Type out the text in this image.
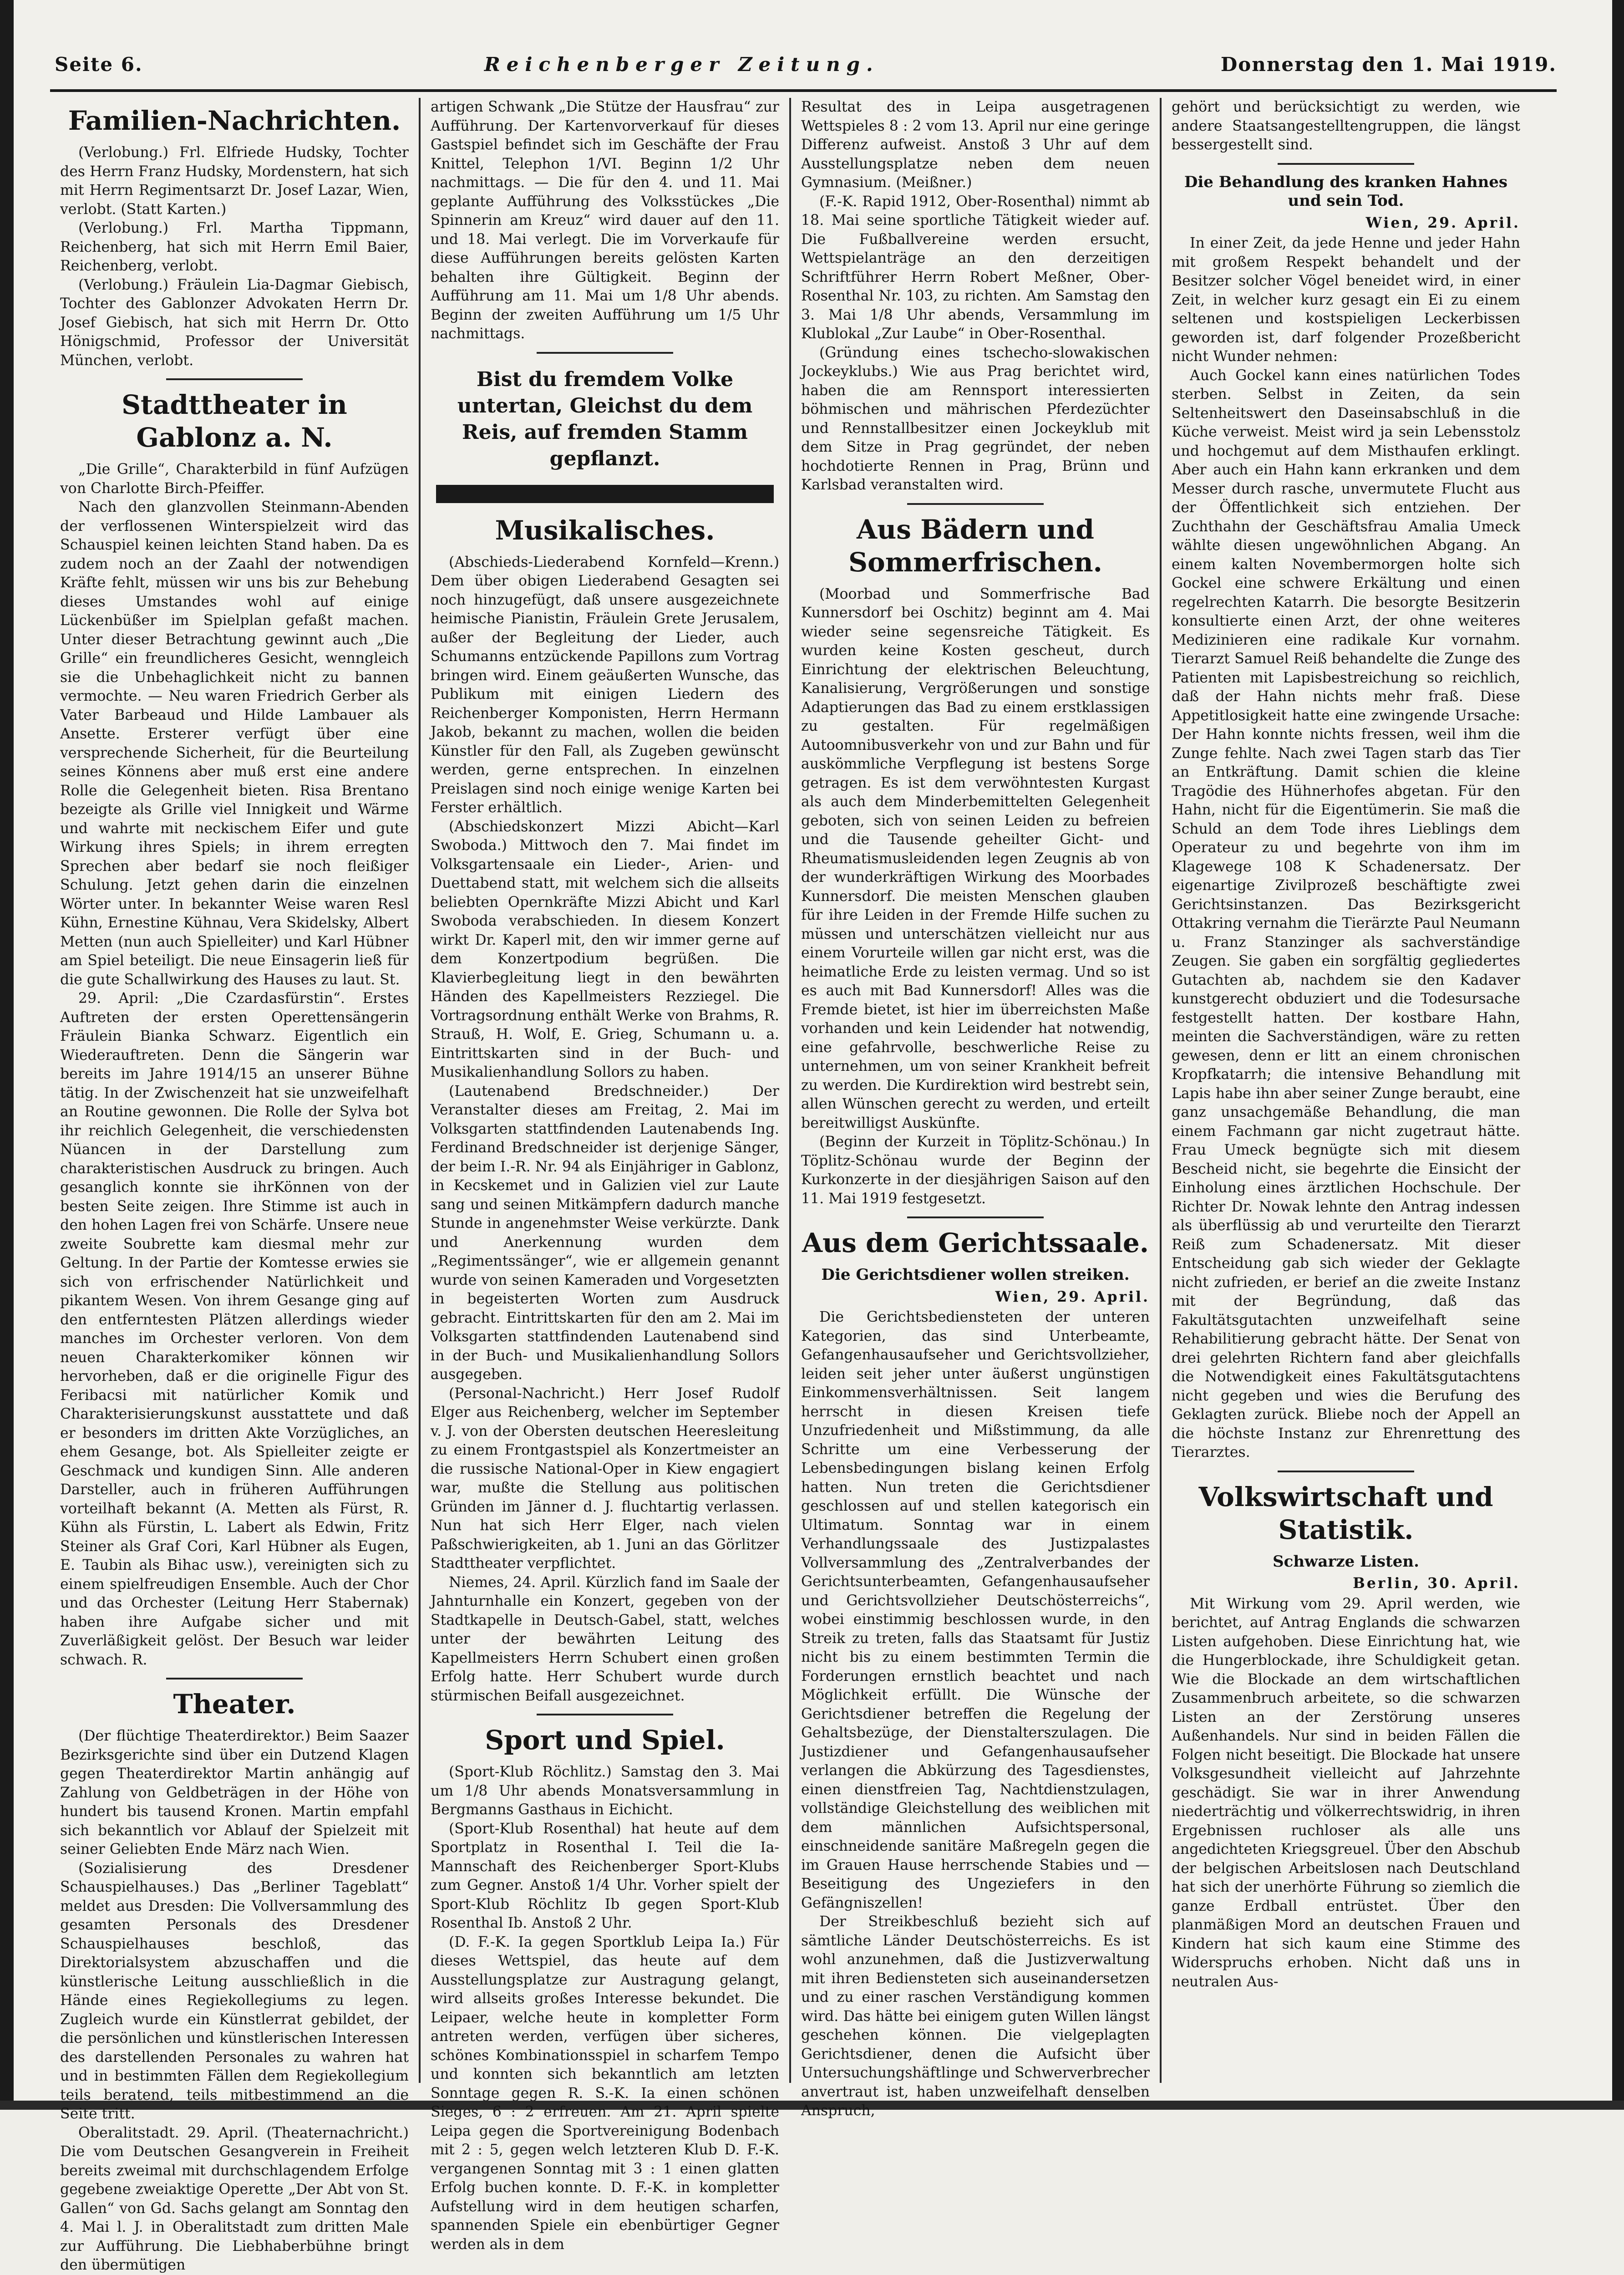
Seite 6.	Reichenberger Zeitung.	Donnerstag den 1. Mai 1919.
Familien-Nachrichten.

(Verlobung.) Frl. Elfriede Hudsky, Tochter des Herrn Franz Hudsky, Mordenstern, hat sich mit Herrn Regimentsarzt Dr. Josef Lazar, Wien, verlobt. (Statt Karten.)

(Verlobung.) Frl. Martha Tippmann, Reichenberg, hat sich mit Herrn Emil Baier, Reichenberg, verlobt.

(Verlobung.) Fräulein Lia-Dagmar Giebisch, Tochter des Gablonzer Advokaten Herrn Dr. Josef Giebisch, hat sich mit Herrn Dr. Otto Hönigschmid, Professor der Universität München, verlobt.

Stadttheater in Gablonz a. N.

„Die Grille“, Charakterbild in fünf Aufzügen von Charlotte Birch-Pfeiffer.

Nach den glanzvollen Steinmann-Abenden der verflossenen Winterspielzeit wird das Schauspiel keinen leichten Stand haben. Da es zudem noch an der Zaahl der notwendigen Kräfte fehlt, müssen wir uns bis zur Behebung dieses Umstandes wohl auf einige Lückenbüßer im Spielplan gefaßt machen. Unter dieser Betrachtung gewinnt auch „Die Grille“ ein freundlicheres Gesicht, wenngleich sie die Unbehaglichkeit nicht zu bannen vermochte. — Neu waren Friedrich Gerber als Vater Barbeaud und Hilde Lambauer als Ansette. Ersterer verfügt über eine versprechende Sicherheit, für die Beurteilung seines Könnens aber muß erst eine andere Rolle die Gelegenheit bieten. Risa Brentano bezeigte als Grille viel Innigkeit und Wärme und wahrte mit neckischem Eifer und gute Wirkung ihres Spiels; in ihrem erregten Sprechen aber bedarf sie noch fleißiger Schulung. Jetzt gehen darin die einzelnen Wörter unter. In bekannter Weise waren Resl Kühn, Ernestine Kühnau, Vera Skidelsky, Albert Metten (nun auch Spielleiter) und Karl Hübner am Spiel beteiligt. Die neue Einsagerin ließ für die gute Schallwirkung des Hauses zu laut. St.

29. April: „Die Czardasfürstin“. Erstes Auftreten der ersten Operettensängerin Fräulein Bianka Schwarz. Eigentlich ein Wiederauftreten. Denn die Sängerin war bereits im Jahre 1914/15 an unserer Bühne tätig. In der Zwischenzeit hat sie unzweifelhaft an Routine gewonnen. Die Rolle der Sylva bot ihr reichlich Gelegenheit, die verschiedensten Nüancen in der Darstellung zum charakteristischen Ausdruck zu bringen. Auch gesanglich konnte sie ihrKönnen von der besten Seite zeigen. Ihre Stimme ist auch in den hohen Lagen frei von Schärfe. Unsere neue zweite Soubrette kam diesmal mehr zur Geltung. In der Partie der Komtesse erwies sie sich von erfrischender Natürlichkeit und pikantem Wesen. Von ihrem Gesange ging auf den entferntesten Plätzen allerdings wieder manches im Orchester verloren. Von dem neuen Charakterkomiker können wir hervorheben, daß er die originelle Figur des Feribacsi mit natürlicher Komik und Charakterisierungskunst ausstattete und daß er besonders im dritten Akte Vorzügliches, an ehem Gesange, bot. Als Spielleiter zeigte er Geschmack und kundigen Sinn. Alle anderen Darsteller, auch in früheren Aufführungen vorteilhaft bekannt (A. Metten als Fürst, R. Kühn als Fürstin, L. Labert als Edwin, Fritz Steiner als Graf Cori, Karl Hübner als Eugen, E. Taubin als Bihac usw.), vereinigten sich zu einem spielfreudigen Ensemble. Auch der Chor und das Orchester (Leitung Herr Stabernak) haben ihre Aufgabe sicher und mit Zuverläßigkeit gelöst. Der Besuch war leider schwach. R.

Theater.

(Der flüchtige Theaterdirektor.) Beim Saazer Bezirksgerichte sind über ein Dutzend Klagen gegen Theaterdirektor Martin anhängig auf Zahlung von Geldbeträgen in der Höhe von hundert bis tausend Kronen. Martin empfahl sich bekanntlich vor Ablauf der Spielzeit mit seiner Geliebten Ende März nach Wien.

(Sozialisierung des Dresdener Schauspielhauses.) Das „Berliner Tageblatt“ meldet aus Dresden: Die Vollversammlung des gesamten Personals des Dresdener Schauspielhauses beschloß, das Direktorialsystem abzuschaffen und die künstlerische Leitung ausschließlich in die Hände eines Regiekollegiums zu legen. Zugleich wurde ein Künstlerrat gebildet, der die persönlichen und künstlerischen Interessen des darstellenden Personales zu wahren hat und in bestimmten Fällen dem Regiekollegium teils beratend, teils mitbestimmend an die Seite tritt.

Oberalitstadt. 29. April. (Theaternachricht.) Die vom Deutschen Gesangverein in Freiheit bereits zweimal mit durchschlagendem Erfolge gegebene zweiaktige Operette „Der Abt von St. Gallen“ von Gd. Sachs gelangt am Sonntag den 4. Mai l. J. in Oberalitstadt zum dritten Male zur Aufführung. Die Liebhaberbühne bringt den übermütigen

artigen Schwank „Die Stütze der Hausfrau“ zur Aufführung. Der Kartenvorverkauf für dieses Gastspiel befindet sich im Geschäfte der Frau Knittel, Telephon 1/VI. Beginn 1/2 Uhr nachmittags. — Die für den 4. und 11. Mai geplante Aufführung des Volksstückes „Die Spinnerin am Kreuz“ wird dauer auf den 11. und 18. Mai verlegt. Die im Vorverkaufe für diese Aufführungen bereits gelösten Karten behalten ihre Gültigkeit. Beginn der Aufführung am 11. Mai um 1/8 Uhr abends. Beginn der zweiten Aufführung um 1/5 Uhr nachmittags.

Bist du fremdem Volke untertan, Gleichst du dem Reis, auf fremden Stamm gepflanzt.
Musikalisches.

(Abschieds-Liederabend Kornfeld—Krenn.) Dem über obigen Liederabend Gesagten sei noch hinzugefügt, daß unsere ausgezeichnete heimische Pianistin, Fräulein Grete Jerusalem, außer der Begleitung der Lieder, auch Schumanns entzückende Papillons zum Vortrag bringen wird. Einem geäußerten Wunsche, das Publikum mit einigen Liedern des Reichenberger Komponisten, Herrn Hermann Jakob, bekannt zu machen, wollen die beiden Künstler für den Fall, als Zugeben gewünscht werden, gerne entsprechen. In einzelnen Preislagen sind noch einige wenige Karten bei Ferster erhältlich.

(Abschiedskonzert Mizzi Abicht—Karl Swoboda.) Mittwoch den 7. Mai findet im Volksgartensaale ein Lieder-, Arien- und Duettabend statt, mit welchem sich die allseits beliebten Opernkräfte Mizzi Abicht und Karl Swoboda verabschieden. In diesem Konzert wirkt Dr. Kaperl mit, den wir immer gerne auf dem Konzertpodium begrüßen. Die Klavierbegleitung liegt in den bewährten Händen des Kapellmeisters Rezziegel. Die Vortragsordnung enthält Werke von Brahms, R. Strauß, H. Wolf, E. Grieg, Schumann u. a. Eintrittskarten sind in der Buch- und Musikalienhandlung Sollors zu haben.

(Lautenabend Bredschneider.) Der Veranstalter dieses am Freitag, 2. Mai im Volksgarten stattfindenden Lautenabends Ing. Ferdinand Bredschneider ist derjenige Sänger, der beim I.-R. Nr. 94 als Einjähriger in Gablonz, in Kecskemet und in Galizien viel zur Laute sang und seinen Mitkämpfern dadurch manche Stunde in angenehmster Weise verkürzte. Dank und Anerkennung wurden dem „Regimentssänger“, wie er allgemein genannt wurde von seinen Kameraden und Vorgesetzten in begeisterten Worten zum Ausdruck gebracht. Eintrittskarten für den am 2. Mai im Volksgarten stattfindenden Lautenabend sind in der Buch- und Musikalienhandlung Sollors ausgegeben.

(Personal-Nachricht.) Herr Josef Rudolf Elger aus Reichenberg, welcher im September v. J. von der Obersten deutschen Heeresleitung zu einem Frontgastspiel als Konzertmeister an die russische National-Oper in Kiew engagiert war, mußte die Stellung aus politischen Gründen im Jänner d. J. fluchtartig verlassen. Nun hat sich Herr Elger, nach vielen Paßschwierigkeiten, ab 1. Juni an das Görlitzer Stadttheater verpflichtet.

Niemes, 24. April. Kürzlich fand im Saale der Jahnturnhalle ein Konzert, gegeben von der Stadtkapelle in Deutsch-Gabel, statt, welches unter der bewährten Leitung des Kapellmeisters Herrn Schubert einen großen Erfolg hatte. Herr Schubert wurde durch stürmischen Beifall ausgezeichnet.

Sport und Spiel.

(Sport-Klub Röchlitz.) Samstag den 3. Mai um 1/8 Uhr abends Monatsversammlung in Bergmanns Gasthaus in Eichicht.

(Sport-Klub Rosenthal) hat heute auf dem Sportplatz in Rosenthal I. Teil die Ia-Mannschaft des Reichenberger Sport-Klubs zum Gegner. Anstoß 1/4 Uhr. Vorher spielt der Sport-Klub Röchlitz Ib gegen Sport-Klub Rosenthal Ib. Anstoß 2 Uhr.

(D. F.-K. Ia gegen Sportklub Leipa Ia.) Für dieses Wettspiel, das heute auf dem Ausstellungsplatze zur Austragung gelangt, wird allseits großes Interesse bekundet. Die Leipaer, welche heute in kompletter Form antreten werden, verfügen über sicheres, schönes Kombinationsspiel in scharfem Tempo und konnten sich bekanntlich am letzten Sonntage gegen R. S.-K. Ia einen schönen Sieges, 6 : 2 erfreuen. Am 21. April spielte Leipa gegen die Sportvereinigung Bodenbach mit 2 : 5, gegen welch letzteren Klub D. F.-K. vergangenen Sonntag mit 3 : 1 einen glatten Erfolg buchen konnte. D. F.-K. in kompletter Aufstellung wird in dem heutigen scharfen, spannenden Spiele ein ebenbürtiger Gegner werden als in dem

Resultat des in Leipa ausgetragenen Wettspieles 8 : 2 vom 13. April nur eine geringe Differenz aufweist. Anstoß 3 Uhr auf dem Ausstellungsplatze neben dem neuen Gymnasium. (Meißner.)

(F.-K. Rapid 1912, Ober-Rosenthal) nimmt ab 18. Mai seine sportliche Tätigkeit wieder auf. Die Fußballvereine werden ersucht, Wettspielanträge an den derzeitigen Schriftführer Herrn Robert Meßner, Ober-Rosenthal Nr. 103, zu richten. Am Samstag den 3. Mai 1/8 Uhr abends, Versammlung im Klublokal „Zur Laube“ in Ober-Rosenthal.

(Gründung eines tschecho-slowakischen Jockeyklubs.) Wie aus Prag berichtet wird, haben die am Rennsport interessierten böhmischen und mährischen Pferdezüchter und Rennstallbesitzer einen Jockeyklub mit dem Sitze in Prag gegründet, der neben hochdotierte Rennen in Prag, Brünn und Karlsbad veranstalten wird.

Aus Bädern und Sommerfrischen.

(Moorbad und Sommerfrische Bad Kunnersdorf bei Oschitz) beginnt am 4. Mai wieder seine segensreiche Tätigkeit. Es wurden keine Kosten gescheut, durch Einrichtung der elektrischen Beleuchtung, Kanalisierung, Vergrößerungen und sonstige Adaptierungen das Bad zu einem erstklassigen zu gestalten. Für regelmäßigen Autoomnibusverkehr von und zur Bahn und für auskömmliche Verpflegung ist bestens Sorge getragen. Es ist dem verwöhntesten Kurgast als auch dem Minderbemittelten Gelegenheit geboten, sich von seinen Leiden zu befreien und die Tausende geheilter Gicht- und Rheumatismusleidenden legen Zeugnis ab von der wunderkräftigen Wirkung des Moorbades Kunnersdorf. Die meisten Menschen glauben für ihre Leiden in der Fremde Hilfe suchen zu müssen und unterschätzen vielleicht nur aus einem Vorurteile willen gar nicht erst, was die heimatliche Erde zu leisten vermag. Und so ist es auch mit Bad Kunnersdorf! Alles was die Fremde bietet, ist hier im überreichsten Maße vorhanden und kein Leidender hat notwendig, eine gefahrvolle, beschwerliche Reise zu unternehmen, um von seiner Krankheit befreit zu werden. Die Kurdirektion wird bestrebt sein, allen Wünschen gerecht zu werden, und erteilt bereitwilligst Auskünfte.

(Beginn der Kurzeit in Töplitz-Schönau.) In Töplitz-Schönau wurde der Beginn der Kurkonzerte in der diesjährigen Saison auf den 11. Mai 1919 festgesetzt.

Aus dem Gerichtssaale.
Die Gerichtsdiener wollen streiken.
Wien, 29. April.

Die Gerichtsbediensteten der unteren Kategorien, das sind Unterbeamte, Gefangenhausaufseher und Gerichtsvollzieher, leiden seit jeher unter äußerst ungünstigen Einkommensverhältnissen. Seit langem herrscht in diesen Kreisen tiefe Unzufriedenheit und Mißstimmung, da alle Schritte um eine Verbesserung der Lebensbedingungen bislang keinen Erfolg hatten. Nun treten die Gerichtsdiener geschlossen auf und stellen kategorisch ein Ultimatum. Sonntag war in einem Verhandlungssaale des Justizpalastes Vollversammlung des „Zentralverbandes der Gerichtsunterbeamten, Gefangenhausaufseher und Gerichtsvollzieher Deutschösterreichs“, wobei einstimmig beschlossen wurde, in den Streik zu treten, falls das Staatsamt für Justiz nicht bis zu einem bestimmten Termin die Forderungen ernstlich beachtet und nach Möglichkeit erfüllt. Die Wünsche der Gerichtsdiener betreffen die Regelung der Gehaltsbezüge, der Dienstalterszulagen. Die Justizdiener und Gefangenhausaufseher verlangen die Abkürzung des Tagesdienstes, einen dienstfreien Tag, Nachtdienstzulagen, vollständige Gleichstellung des weiblichen mit dem männlichen Aufsichtspersonal, einschneidende sanitäre Maßregeln gegen die im Grauen Hause herrschende Stabies und — Beseitigung des Ungeziefers in den Gefängniszellen!

Der Streikbeschluß bezieht sich auf sämtliche Länder Deutschösterreichs. Es ist wohl anzunehmen, daß die Justizverwaltung mit ihren Bediensteten sich auseinandersetzen und zu einer raschen Verständigung kommen wird. Das hätte bei einigem guten Willen längst geschehen können. Die vielgeplagten Gerichtsdiener, denen die Aufsicht über Untersuchungshäftlinge und Schwerverbrecher anvertraut ist, haben unzweifelhaft denselben Anspruch,

gehört und berücksichtigt zu werden, wie andere Staatsangestelltengruppen, die längst bessergestellt sind.

Die Behandlung des kranken Hahnes und sein Tod.
Wien, 29. April.

In einer Zeit, da jede Henne und jeder Hahn mit großem Respekt behandelt und der Besitzer solcher Vögel beneidet wird, in einer Zeit, in welcher kurz gesagt ein Ei zu einem seltenen und kostspieligen Leckerbissen geworden ist, darf folgender Prozeßbericht nicht Wunder nehmen:

Auch Gockel kann eines natürlichen Todes sterben. Selbst in Zeiten, da sein Seltenheitswert den Daseinsabschluß in die Küche verweist. Meist wird ja sein Lebensstolz und hochgemut auf dem Misthaufen erklingt. Aber auch ein Hahn kann erkranken und dem Messer durch rasche, unvermutete Flucht aus der Öffentlichkeit sich entziehen. Der Zuchthahn der Geschäftsfrau Amalia Umeck wählte diesen ungewöhnlichen Abgang. An einem kalten Novembermorgen holte sich Gockel eine schwere Erkältung und einen regelrechten Katarrh. Die besorgte Besitzerin konsultierte einen Arzt, der ohne weiteres Medizinieren eine radikale Kur vornahm. Tierarzt Samuel Reiß behandelte die Zunge des Patienten mit Lapisbestreichung so reichlich, daß der Hahn nichts mehr fraß. Diese Appetitlosigkeit hatte eine zwingende Ursache: Der Hahn konnte nichts fressen, weil ihm die Zunge fehlte. Nach zwei Tagen starb das Tier an Entkräftung. Damit schien die kleine Tragödie des Hühnerhofes abgetan. Für den Hahn, nicht für die Eigentümerin. Sie maß die Schuld an dem Tode ihres Lieblings dem Operateur zu und begehrte von ihm im Klagewege 108 K Schadenersatz. Der eigenartige Zivilprozeß beschäftigte zwei Gerichtsinstanzen. Das Bezirksgericht Ottakring vernahm die Tierärzte Paul Neumann u. Franz Stanzinger als sachverständige Zeugen. Sie gaben ein sorgfältig gegliedertes Gutachten ab, nachdem sie den Kadaver kunstgerecht obduziert und die Todesursache festgestellt hatten. Der kostbare Hahn, meinten die Sachverständigen, wäre zu retten gewesen, denn er litt an einem chronischen Kropfkatarrh; die intensive Behandlung mit Lapis habe ihn aber seiner Zunge beraubt, eine ganz unsachgemäße Behandlung, die man einem Fachmann gar nicht zugetraut hätte. Frau Umeck begnügte sich mit diesem Bescheid nicht, sie begehrte die Einsicht der Einholung eines ärztlichen Hochschule. Der Richter Dr. Nowak lehnte den Antrag indessen als überflüssig ab und verurteilte den Tierarzt Reiß zum Schadenersatz. Mit dieser Entscheidung gab sich wieder der Geklagte nicht zufrieden, er berief an die zweite Instanz mit der Begründung, daß das Fakultätsgutachten unzweifelhaft seine Rehabilitierung gebracht hätte. Der Senat von drei gelehrten Richtern fand aber gleichfalls die Notwendigkeit eines Fakultätsgutachtens nicht gegeben und wies die Berufung des Geklagten zurück. Bliebe noch der Appell an die höchste Instanz zur Ehrenrettung des Tierarztes.

Volkswirtschaft und Statistik.
Schwarze Listen.
Berlin, 30. April.

Mit Wirkung vom 29. April werden, wie berichtet, auf Antrag Englands die schwarzen Listen aufgehoben. Diese Einrichtung hat, wie die Hungerblockade, ihre Schuldigkeit getan. Wie die Blockade an dem wirtschaftlichen Zusammenbruch arbeitete, so die schwarzen Listen an der Zerstörung unseres Außenhandels. Nur sind in beiden Fällen die Folgen nicht beseitigt. Die Blockade hat unsere Volksgesundheit vielleicht auf Jahrzehnte geschädigt. Sie war in ihrer Anwendung niederträchtig und völkerrechtswidrig, in ihren Ergebnissen ruchloser als alle uns angedichteten Kriegsgreuel. Über den Abschub der belgischen Arbeitslosen nach Deutschland hat sich der unerhörte Führung so ziemlich die ganze Erdball entrüstet. Über den planmäßigen Mord an deutschen Frauen und Kindern hat sich kaum eine Stimme des Widerspruchs erhoben. Nicht daß uns in neutralen Aus-
